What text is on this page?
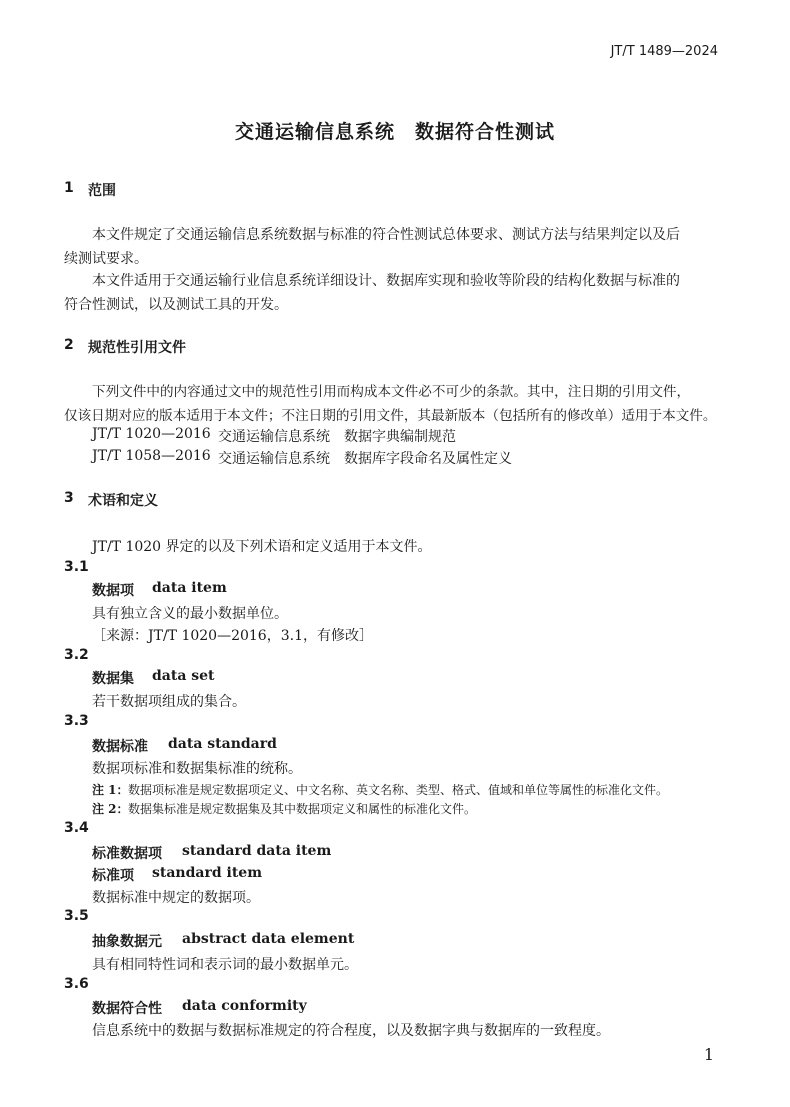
JT/T 1489—2024
交通运输信息系统　数据符合性测试
1 范围
本文件规定了交通运输信息系统数据与标准的符合性测试总体要求、测试方法与结果判定以及后
续测试要求。
本文件适用于交通运输行业信息系统详细设计、数据库实现和验收等阶段的结构化数据与标准的
符合性测试，以及测试工具的开发。
2 规范性引用文件
下列文件中的内容通过文中的规范性引用而构成本文件必不可少的条款。其中，注日期的引用文件，
仅该日期对应的版本适用于本文件；不注日期的引用文件，其最新版本（包括所有的修改单）适用于本文件。
JT/T 1020—2016 交通运输信息系统　数据字典编制规范
JT/T 1058—2016 交通运输信息系统　数据库字段命名及属性定义
3 术语和定义
JT/T 1020 界定的以及下列术语和定义适用于本文件。
3.1
数据项 data item
具有独立含义的最小数据单位。
［来源：JT/T 1020—2016，3.1，有修改］
3.2
数据集 data set
若干数据项组成的集合。
3.3
数据标准 data standard
数据项标准和数据集标准的统称。
注 1： 数据项标准是规定数据项定义、中文名称、英文名称、类型、格式、值域和单位等属性的标准化文件。
注 2： 数据集标准是规定数据集及其中数据项定义和属性的标准化文件。
3.4
标准数据项 standard data item
标准项 standard item
数据标准中规定的数据项。
3.5
抽象数据元 abstract data element
具有相同特性词和表示词的最小数据单元。
3.6
数据符合性 data conformity
信息系统中的数据与数据标准规定的符合程度，以及数据字典与数据库的一致程度。
1
